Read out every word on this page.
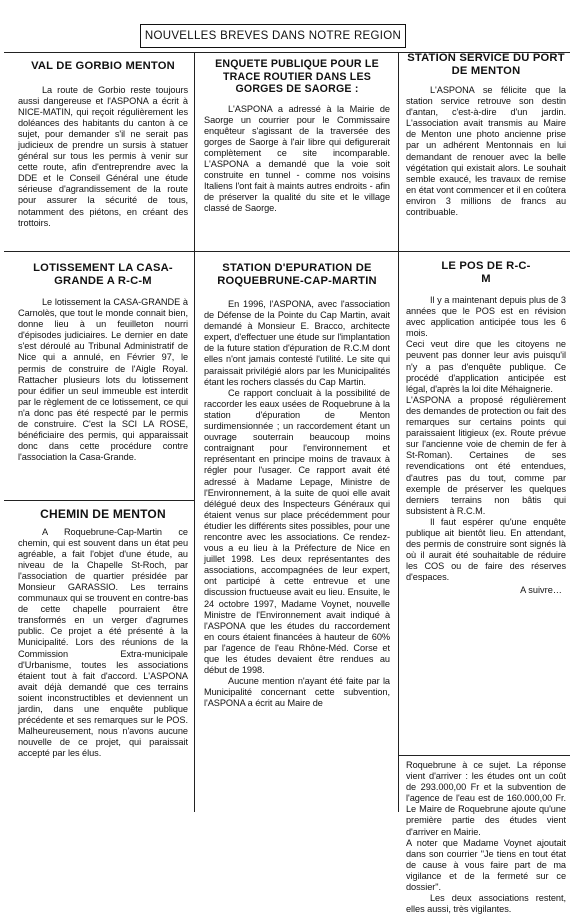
NOUVELLES BREVES DANS NOTRE REGION
VAL DE GORBIO MENTON

La route de Gorbio reste toujours aussi dangereuse et l'ASPONA a écrit à NICE-MATIN, qui reçoit régulièrement les doléances des habitants du canton à ce sujet, pour demander s'il ne serait pas judicieux de prendre un sursis à statuer général sur tous les permis à venir sur cette route, afin d'entreprendre avec la DDE et le Conseil Général une étude sérieuse d'agrandissement de la route pour assurer la sécurité de tous, notamment des piétons, en créant des trottoirs.

ENQUETE PUBLIQUE POUR LE TRACE ROUTIER DANS LES GORGES DE SAORGE :

L'ASPONA a adressé à la Mairie de Saorge un courrier pour le Commissaire enquêteur s'agissant de la traversée des gorges de Saorge à l'air libre qui defigurerait complètement ce site incomparable. L'ASPONA a demandé que la voie soit construite en tunnel - comme nos voisins Italiens l'ont fait à maints autres endroits - afin de préserver la qualité du site et le village classé de Saorge.

STATION SERVICE DU PORT DE MENTON

L'ASPONA se félicite que la station service retrouve son destin d'antan, c'est-à-dire d'un jardin. L'association avait transmis au Maire de Menton une photo ancienne prise par un adhérent Mentonnais en lui demandant de renouer avec la belle végétation qui existait alors. Le souhait semble exaucé, les travaux de remise en état vont commencer et il en coûtera environ 3 millions de francs au contribuable.

LOTISSEMENT LA CASA-GRANDE A R-C-M

Le lotissement la CASA-GRANDE à Carnolès, que tout le monde connait bien, donne lieu à un feuilleton nourri d'épisodes judiciaires. Le dernier en date s'est déroulé au Tribunal Administratif de Nice qui a annulé, en Février 97, le permis de construire de l'Aigle Royal. Rattacher plusieurs lots du lotissement pour édifier un seul immeuble est interdit par le règlement de ce lotissement, ce qui n'a donc pas été respecté par le permis de construire. C'est la SCI LA ROSE, bénéficiaire des permis, qui apparaissait donc dans cette procédure contre l'association la Casa-Grande.

CHEMIN DE MENTON

A Roquebrune-Cap-Martin ce chemin, qui est souvent dans un état peu agréable, a fait l'objet d'une étude, au niveau de la Chapelle St-Roch, par l'association de quartier présidée par Monsieur GARASSIO. Les terrains communaux qui se trouvent en contre-bas de cette chapelle pourraient être transformés en un verger d'agrumes public. Ce projet a été présenté à la Municipalité. Lors des réunions de la Commission Extra-municipale d'Urbanisme, toutes les associations étaient tout à fait d'accord. L'ASPONA avait déjà demandé que ces terrains soient inconstructibles et deviennent un jardin, dans une enquête publique précédente et ses remarques sur le POS. Malheureusement, nous n'avons aucune nouvelle de ce projet, qui paraissait accepté par les élus.

STATION D'EPURATION DE ROQUEBRUNE-CAP-MARTIN

En 1996, l'ASPONA, avec l'association de Défense de la Pointe du Cap Martin, avait demandé à Monsieur E. Bracco, architecte expert, d'effectuer une étude sur l'implantation de la future station d'épuration de R.C.M dont elles n'ont jamais contesté l'utilité. Le site qui paraissait privilégié alors par les Municipalités étant les rochers classés du Cap Martin.

Ce rapport concluait à la possibilité de raccorder les eaux usées de Roquebrune à la station d'épuration de Menton surdimensionnée ; un raccordement étant un ouvrage souterrain beaucoup moins contraignant pour l'environnement et représentant en principe moins de travaux à régler pour l'usager. Ce rapport avait été adressé à Madame Lepage, Ministre de l'Environnement, à la suite de quoi elle avait délégué deux des Inspecteurs Généraux qui étaient venus sur place précédemment pour étudier les différents sites possibles, pour une rencontre avec les associations. Ce rendez-vous a eu lieu à la Préfecture de Nice en juillet 1998. Les deux représentantes des associations, accompagnées de leur expert, ont participé à cette entrevue et une discussion fructueuse avait eu lieu. Ensuite, le 24 octobre 1997, Madame Voynet, nouvelle Ministre de l'Environnement avait indiqué à l'ASPONA que les études du raccordement en cours étaient financées à hauteur de 60% par l'agence de l'eau Rhône-Méd. Corse et que les études devaient être rendues au début de 1998.

Aucune mention n'ayant été faite par la Municipalité concernant cette subvention, l'ASPONA a écrit au Maire de

LE POS DE R-C-M

Il y a maintenant depuis plus de 3 années que le POS est en révision avec application anticipée tous les 6 mois.

Ceci veut dire que les citoyens ne peuvent pas donner leur avis puisqu'il n'y a pas d'enquête publique. Ce procédé d'application anticipée est légal, d'après la loi dite Méhaignerie.

L'ASPONA a proposé régulièrement des demandes de protection ou fait des remarques sur certains points qui paraissaient litigieux (ex. Route prévue sur l'ancienne voie de chemin de fer à St-Roman). Certaines de ses revendications ont été entendues, d'autres pas du tout, comme par exemple de préserver les quelques derniers terrains non bâtis qui subsistent à R.C.M.

Il faut espérer qu'une enquête publique ait bientôt lieu. En attendant, des permis de construire sont signés là où il aurait été souhaitable de réduire les COS ou de faire des réserves d'espaces.

A suivre…

Roquebrune à ce sujet. La réponse vient d'arriver : les études ont un coût de 293.000,00 Fr et la subvention de l'agence de l'eau est de 160.000,00 Fr. Le Maire de Roquebrune ajoute qu'une première partie des études vient d'arriver en Mairie.

A noter que Madame Voynet ajoutait dans son courrier "Je tiens en tout état de cause à vous faire part de ma vigilance et de la fermeté sur ce dossier".

Les deux associations restent, elles aussi, très vigilantes.
